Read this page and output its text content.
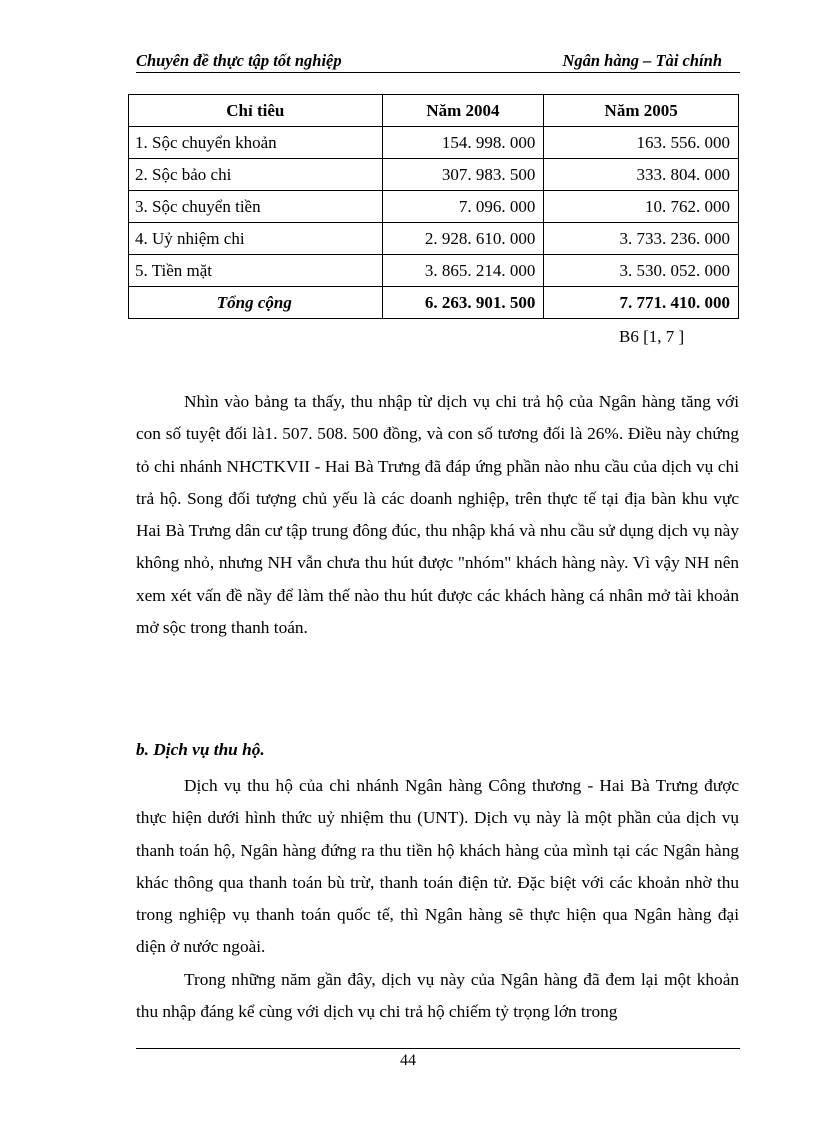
Chuyên đề thực tập tốt nghiệp	Ngân hàng – Tài chính
Chỉ tiêu	Năm 2004	Năm 2005
1. Sộc chuyển khoản	154. 998. 000	163. 556. 000
2. Sộc bảo chi	307. 983. 500	333. 804. 000
3. Sộc chuyển tiền	7. 096. 000	10. 762. 000
4. Uỷ nhiệm chi	2. 928. 610. 000	3. 733. 236. 000
5. Tiền mặt	3. 865. 214. 000	3. 530. 052. 000
Tổng cộng	6. 263. 901. 500	7. 771. 410. 000
B6 [1, 7 ]

Nhìn vào bảng ta thấy, thu nhập từ dịch vụ chi trả hộ của Ngân hàng tăng với con số tuyệt đối là1. 507. 508. 500 đồng, và con số tương đối là 26%. Điều này chứng tỏ chi nhánh NHCTKVII - Hai Bà Trưng đã đáp ứng phần nào nhu cầu của dịch vụ chi trả hộ. Song đối tượng chủ yếu là các doanh nghiệp, trên thực tế tại địa bàn khu vực Hai Bà Trưng dân cư tập trung đông đúc, thu nhập khá và nhu cầu sử dụng dịch vụ này không nhỏ, nhưng NH vẫn chưa thu hút được "nhóm" khách hàng này. Vì vậy NH nên xem xét vấn đề nầy để làm thế nào thu hút được các khách hàng cá nhân mở tài khoản mở sộc trong thanh toán.

b. Dịch vụ thu hộ.

Dịch vụ thu hộ của chi nhánh Ngân hàng Công thương - Hai Bà Trưng được thực hiện dưới hình thức uỷ nhiệm thu (UNT). Dịch vụ này là một phần của dịch vụ thanh toán hộ, Ngân hàng đứng ra thu tiền hộ khách hàng của mình tại các Ngân hàng khác thông qua thanh toán bù trừ, thanh toán điện tử. Đặc biệt với các khoản nhờ thu trong nghiệp vụ thanh toán quốc tế, thì Ngân hàng sẽ thực hiện qua Ngân hàng đại diện ở nước ngoài.

Trong những năm gần đây, dịch vụ này của Ngân hàng đã đem lại một khoản thu nhập đáng kể cùng với dịch vụ chi trả hộ chiếm tỷ trọng lớn trong

44
